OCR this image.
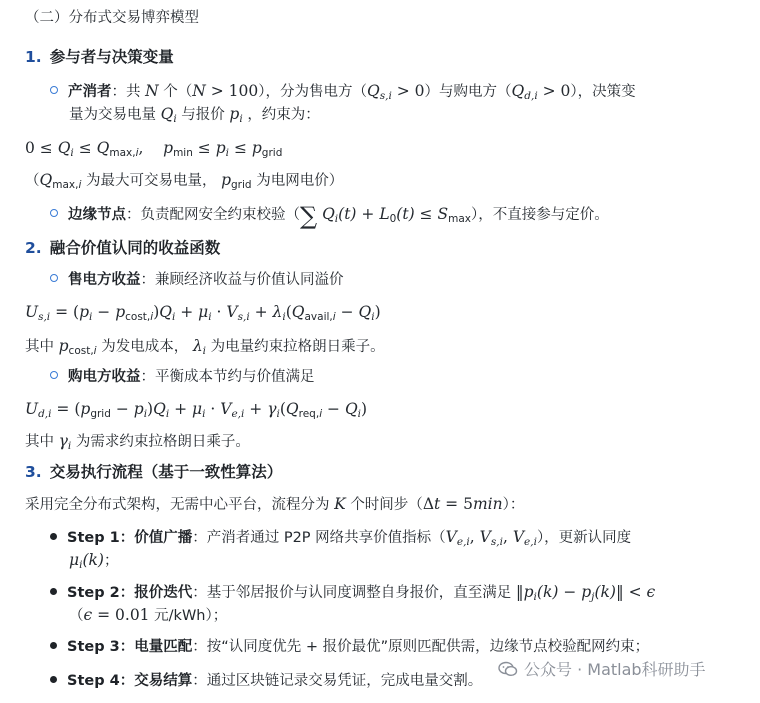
（二）分布式交易博弈模型
1. 参与者与决策变量
产消者：共 N 个（N > 100），分为售电方$(Q_{s,i} > 0)$与购电方$(Q_{d,i} > 0)$，决策变
量为交易电量 $Q_i$ 与报价 $p_i$ ，约束为：
$0 \le Q_i \le Q_{max,i}$,    $p_{min} \le p_i \le p_{grid}$
（$Q_{max,i}$ 为最大可交易电量， $p_{grid}$ 为电网电价）
边缘节点：负责配网安全约束校验（∑ $Q_i(t) + L_0(t) \le S_{max}$），不直接参与定价。
2. 融合价值认同的收益函数
售电方收益：兼顾经济收益与价值认同溢价
$U_{s,i} = (p_i - p_{cost,i})Q_i + \mu_i \cdot V_{s,i} + \lambda_i(Q_{avail,i} - Q_i)$
其中 $p_{cost,i}$ 为发电成本， $\lambda_i$ 为电量约束拉格朗日乘子。
购电方收益：平衡成本节约与价值满足
$U_{d,i} = (p_{grid} - p_i)Q_i + \mu_i \cdot V_{e,i} + \gamma_i(Q_{req,i} - Q_i)$
其中 $\gamma_i$ 为需求约束拉格朗日乘子。
3. 交易执行流程（基于一致性算法）
采用完全分布式架构，无需中心平台，流程分为 K 个时间步（Δt = 5min）：
Step 1：价值广播：产消者通过 P2P 网络共享价值指标（$V_{e,i}$, $V_{s,i}$, $V_{e,i}$），更新认同度
$\mu_i(k)$；
Step 2：报价迭代：基于邻居报价与认同度调整自身报价，直至满足 $‖p_i(k)$ − $p_j(k)‖ < \epsilon$
（ϵ = 0.01 元/kWh）；
Step 3：电量匹配：按“认同度优先 + 报价最优”原则匹配供需，边缘节点校验配网约束；
Step 4：交易结算：通过区块链记录交易凭证，完成电量交割。
公众号 · Matlab科研助手
